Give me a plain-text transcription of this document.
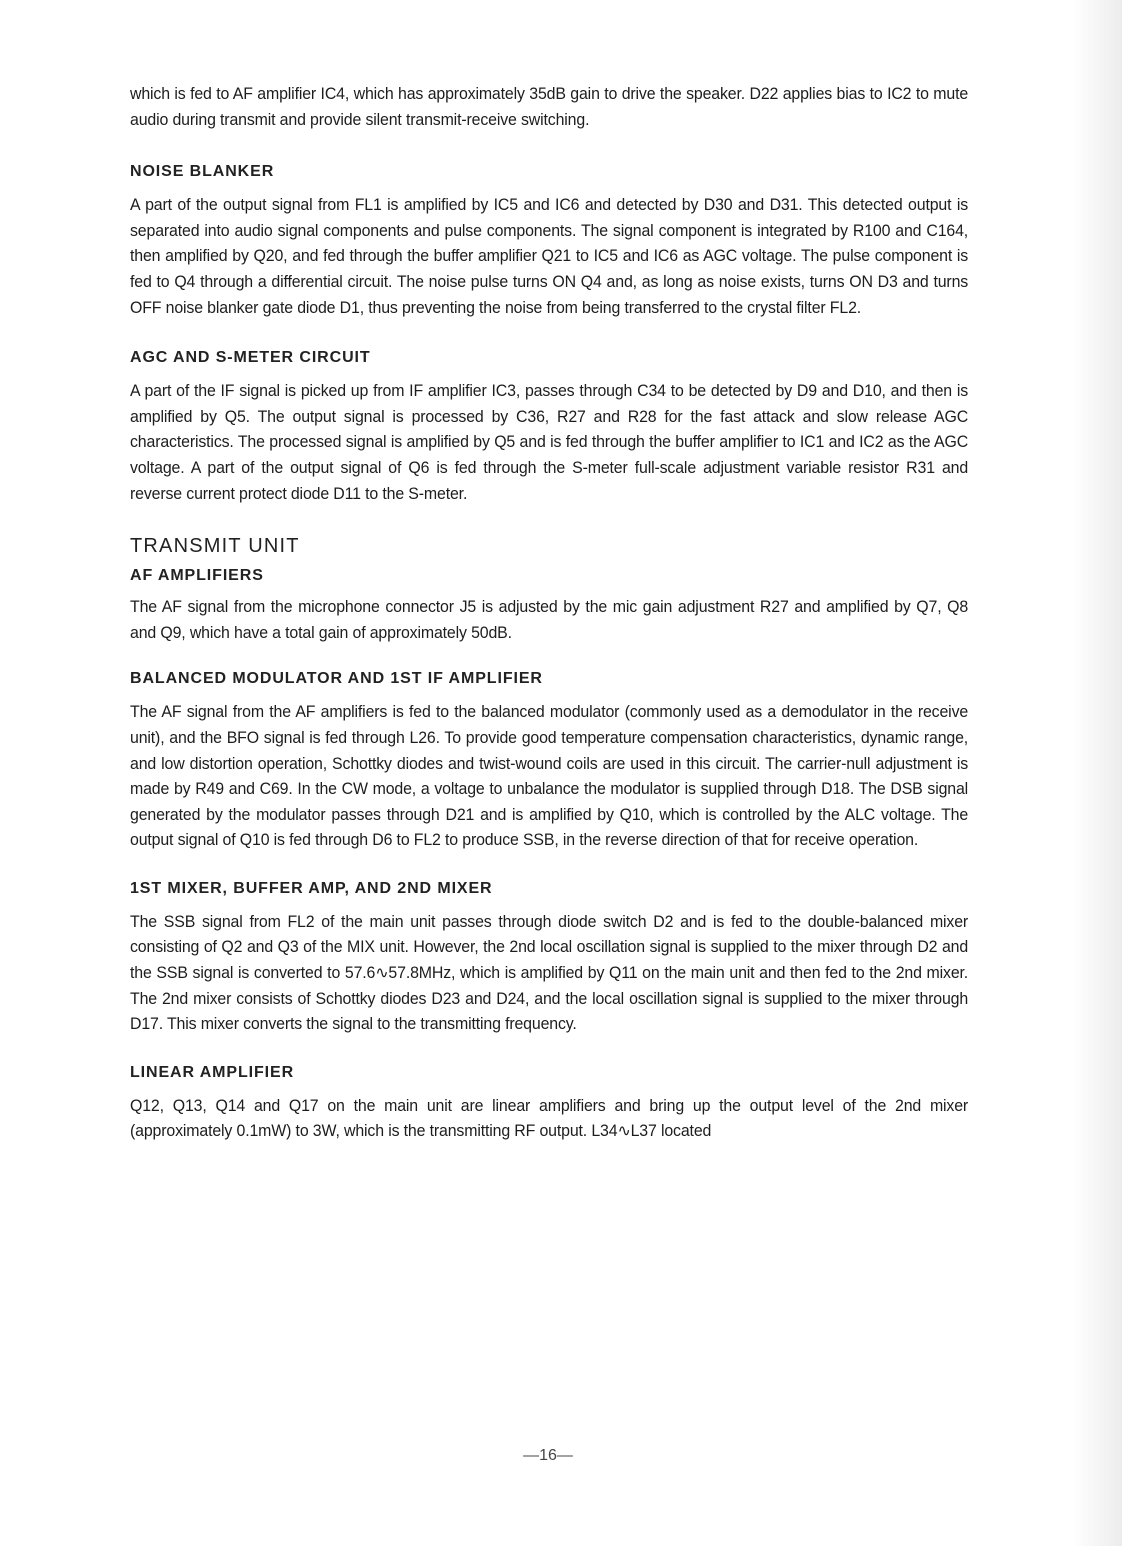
which is fed to AF amplifier IC4, which has approximately 35dB gain to drive the speaker. D22 applies bias to IC2 to mute audio during transmit and provide silent transmit-receive switching.

NOISE BLANKER

A part of the output signal from FL1 is amplified by IC5 and IC6 and detected by D30 and D31. This detected output is separated into audio signal components and pulse components. The signal component is integrated by R100 and C164, then amplified by Q20, and fed through the buffer amplifier Q21 to IC5 and IC6 as AGC voltage. The pulse component is fed to Q4 through a differential circuit. The noise pulse turns ON Q4 and, as long as noise exists, turns ON D3 and turns OFF noise blanker gate diode D1, thus preventing the noise from being transferred to the crystal filter FL2.

AGC AND S-METER CIRCUIT

A part of the IF signal is picked up from IF amplifier IC3, passes through C34 to be detected by D9 and D10, and then is amplified by Q5. The output signal is processed by C36, R27 and R28 for the fast attack and slow release AGC characteristics. The processed signal is amplified by Q5 and is fed through the buffer amplifier to IC1 and IC2 as the AGC voltage. A part of the output signal of Q6 is fed through the S-meter full-scale adjustment variable resistor R31 and reverse current protect diode D11 to the S-meter.

TRANSMIT UNIT
AF AMPLIFIERS

The AF signal from the microphone connector J5 is adjusted by the mic gain adjustment R27 and amplified by Q7, Q8 and Q9, which have a total gain of approximately 50dB.

BALANCED MODULATOR AND 1ST IF AMPLIFIER

The AF signal from the AF amplifiers is fed to the balanced modulator (commonly used as a demodulator in the receive unit), and the BFO signal is fed through L26. To provide good temperature compensation characteristics, dynamic range, and low distortion operation, Schottky diodes and twist-wound coils are used in this circuit. The carrier-null adjustment is made by R49 and C69. In the CW mode, a voltage to unbalance the modulator is supplied through D18. The DSB signal generated by the modulator passes through D21 and is amplified by Q10, which is controlled by the ALC voltage. The output signal of Q10 is fed through D6 to FL2 to produce SSB, in the reverse direction of that for receive operation.

1ST MIXER, BUFFER AMP, AND 2ND MIXER

The SSB signal from FL2 of the main unit passes through diode switch D2 and is fed to the double-balanced mixer consisting of Q2 and Q3 of the MIX unit. However, the 2nd local oscillation signal is supplied to the mixer through D2 and the SSB signal is converted to 57.6∿57.8MHz, which is amplified by Q11 on the main unit and then fed to the 2nd mixer. The 2nd mixer consists of Schottky diodes D23 and D24, and the local oscillation signal is supplied to the mixer through D17. This mixer converts the signal to the transmitting frequency.

LINEAR AMPLIFIER

Q12, Q13, Q14 and Q17 on the main unit are linear amplifiers and bring up the output level of the 2nd mixer (approximately 0.1mW) to 3W, which is the transmitting RF output. L34∿L37 located

—16—
